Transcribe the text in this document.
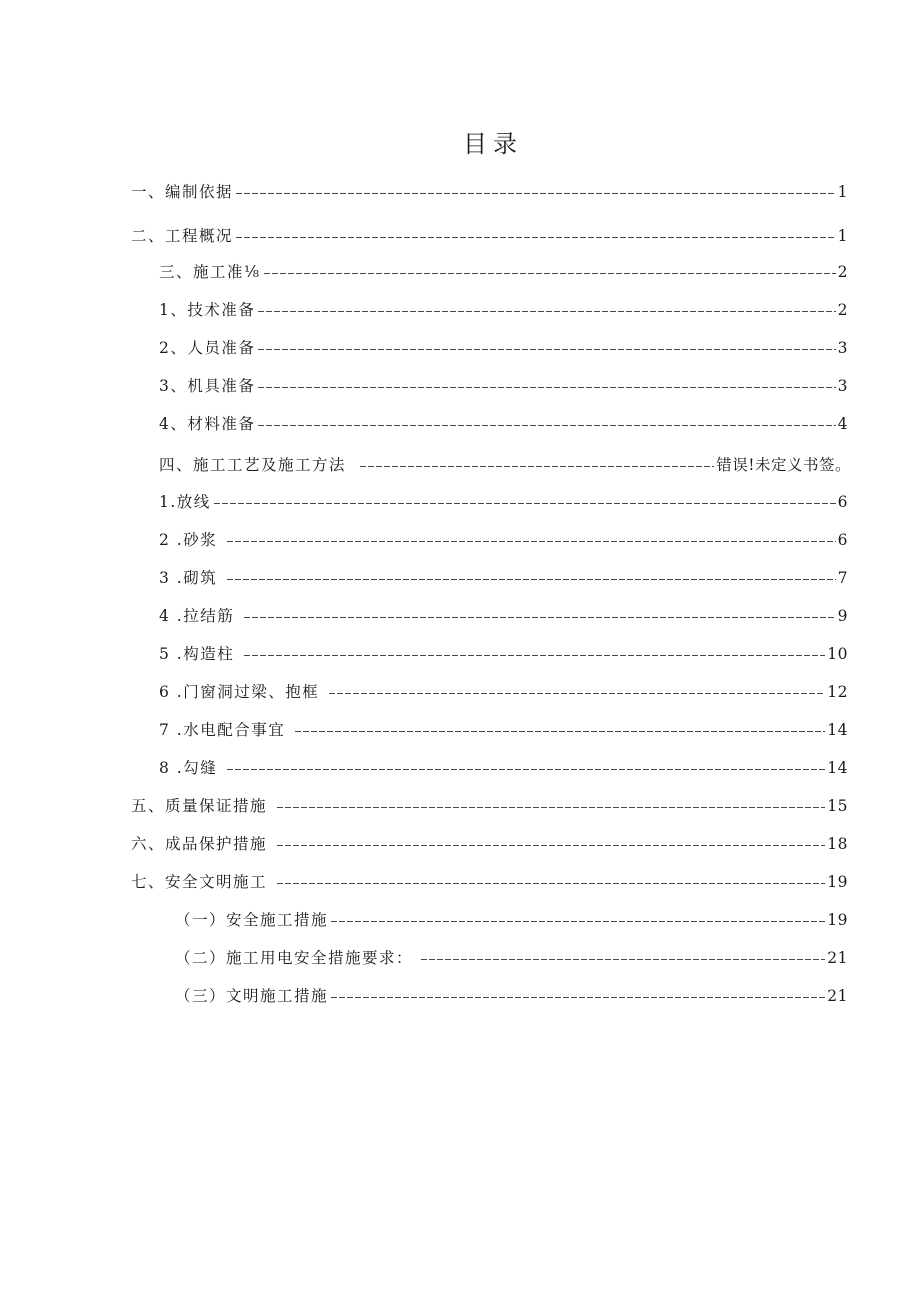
目录
一、编制依据	1
二、工程概况	1
三、施工准⅛	2
1、技术准备	2
2、人员准备	3
3、机具准备	3
4、材料准备	4
四、施工工艺及施工方法	错误!未定义书签。
1.放线	6
2 .砂浆	6
3 .砌筑	7
4 .拉结筋	9
5 .构造柱	10
6 .门窗洞过梁、抱框	12
7 .水电配合事宜	14
8 .勾缝	14
五、质量保证措施	15
六、成品保护措施	18
七、安全文明施工	19
（一）安全施工措施	19
（二）施工用电安全措施要求：	21
（三）文明施工措施	21
